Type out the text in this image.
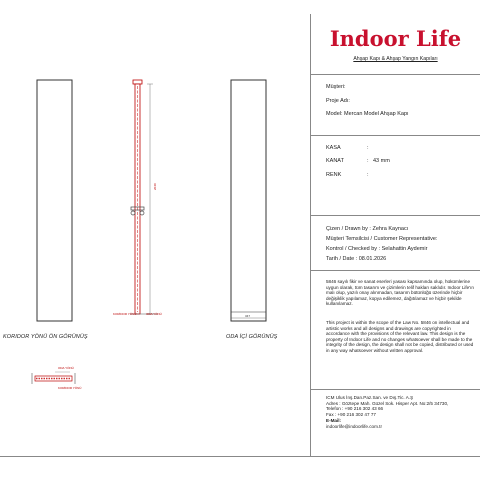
2040
ODA YÖNÜ
KORİDOR YÖNÜ
KORIDOR YÖNÜ ÖN GÖRÜNÜŞ	ODA İÇİ GÖRÜNÜŞ
347
ODA YÖNÜ
KORİDOR YÖNÜ
Indoor Life
Ahşap Kapı & Ahşap Yangın Kapıları
Müşteri:
Proje Adı:
Model: Mercan Model Ahşap Kapı
KASA	:
KANAT	: 43 mm
RENK	:
Çizen / Drawn by : Zehra Kaynacı
Müşteri Temsilcisi / Customer Representative:
Kontrol / Checked by : Selahattin Aydemir
Tarih / Date : 08.01.2026
5846 sayılı fikir ve sanat eserleri yasası kapsamında olup, hükümlerine uygun olarak, tüm tasarım ve çizimlerin telif hakları saklıdır. Indoor Life'ın malı olup, yazılı onay alınmadan, tasarım bütünlüğü üzerinde hiçbir değişiklik yapılamaz, kopya edilemez, dağıtılamaz ve hiçbir şekilde kullanılamaz.
This project is within the scope of the Law No. 5846 on intellectual and artistic works and all designs and drawings are copyrighted in accordance with the provisions of the relevant law. This design is the property of Indoor Life and no changes whatsoever shall be made to the integrity of the design, the design shall not be copied, distributed or used in any way whatsoever without written approval.
ICM Ulus İnş.Dan.Paz.San. ve Dış.Tic. A.Ş
Adres : Göztepe Mah. Güzel Sok. Hisper Apt. No:2/5 34730,
Telefon : +90 216 302 43 66
Fax : +90 216 302 47 77
E-Mail:
indoorlife@indoorlife.com.tr
